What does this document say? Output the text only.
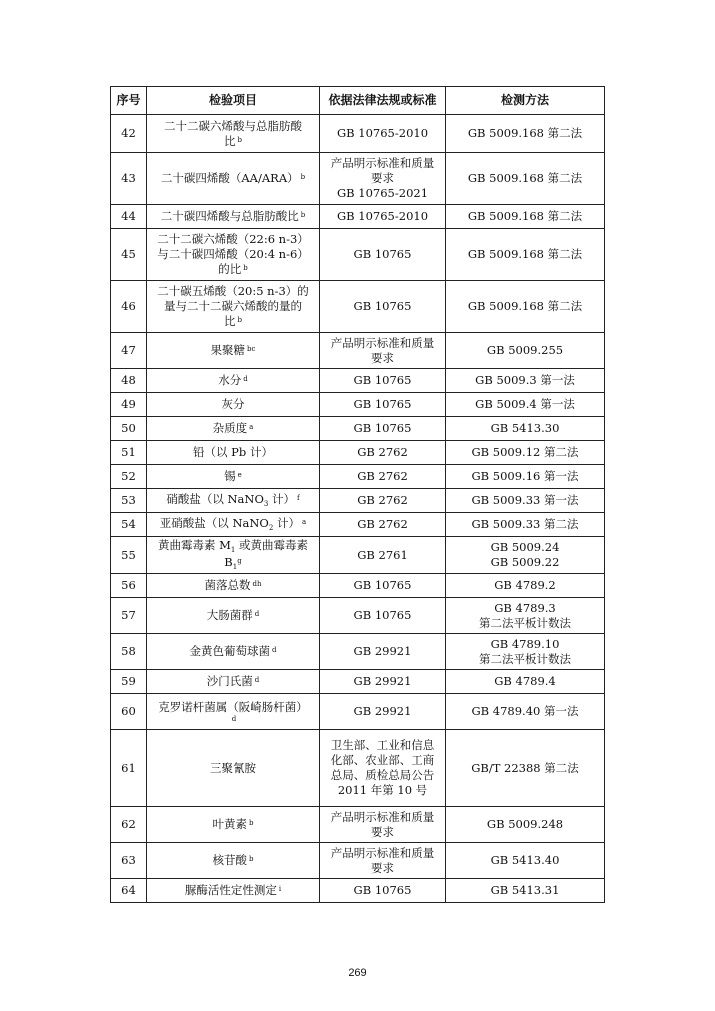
序号	检验项目	依据法律法规或标准	检测方法
42	二十二碳六烯酸与总脂肪酸
比 $^b$	GB 10765-2010	GB 5009.168 第二法

43	二十碳四烯酸（AA/ARA） $^b$	产品明示标准和质量
要求
GB 10765-2021	GB 5009.168 第二法

44	二十碳四烯酸与总脂肪酸比 $^b$	GB 10765-2010	GB 5009.168 第二法

45	二十二碳六烯酸（22:6 n-3）
与二十碳四烯酸（20:4 n-6）
的比 $^b$	GB 10765	GB 5009.168 第二法

46	二十碳五烯酸（20:5 n-3）的
量与二十二碳六烯酸的量的
比 $^b$	GB 10765	GB 5009.168 第二法

47	果聚糖 $^{bc}$	产品明示标准和质量
要求	GB 5009.255

48	水分 $^d$	GB 10765	GB 5009.3 第一法

49	灰分	GB 10765	GB 5009.4 第一法

50	杂质度 $^a$	GB 10765	GB 5413.30

51	铅（以 Pb 计）	GB 2762	GB 5009.12 第二法

52	锡 $^e$	GB 2762	GB 5009.16 第一法

53	硝酸盐（以 NaNO$_3$ 计） $^f$	GB 2762	GB 5009.33 第一法

54	亚硝酸盐（以 NaNO$_2$ 计） $^a$	GB 2762	GB 5009.33 第二法

55	黄曲霉毒素 $M_1$ 或黄曲霉毒素
$B_1^g$	GB 2761	GB 5009.24
GB 5009.22

56	菌落总数 $^{dh}$	GB 10765	GB 4789.2

57	大肠菌群 $^d$	GB 10765	GB 4789.3
第二法平板计数法

58	金黄色葡萄球菌 $^d$	GB 29921	GB 4789.10
第二法平板计数法

59	沙门氏菌 $^d$	GB 29921	GB 4789.4

60	克罗诺杆菌属（阪崎肠杆菌）
$^d$	GB 29921	GB 4789.40 第一法

61	三聚氰胺	卫生部、工业和信息
化部、农业部、工商
总局、质检总局公告
2011 年第 10 号	GB/T 22388 第二法

62	叶黄素 $^b$	产品明示标准和质量
要求	GB 5009.248

63	核苷酸 $^b$	产品明示标准和质量
要求	GB 5413.40

64	脲酶活性定性测定 $^i$	GB 10765	GB 5413.31
269
